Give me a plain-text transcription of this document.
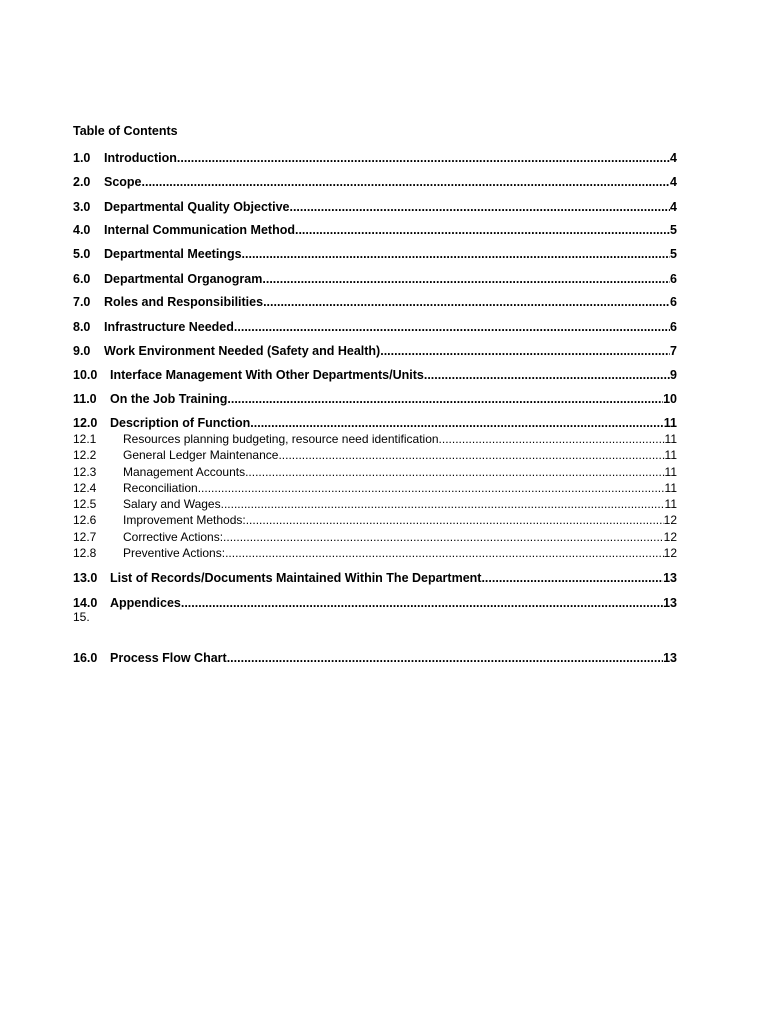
Table of Contents
1.0	Introduction .....	4
2.0	Scope .....	4
3.0	Departmental Quality Objective .....	4
4.0	Internal Communication Method .....	5
5.0	Departmental Meetings .....	5
6.0	Departmental Organogram .....	6
7.0	Roles and Responsibilities .....	6
8.0	Infrastructure Needed .....	6
9.0	Work Environment Needed (Safety and Health) .....	7
10.0	Interface Management With Other Departments/Units .....	9
11.0	On the Job Training .....	10
12.0	Description of Function .....	11
12.1	Resources planning budgeting, resource need identification .....	11
12.2	General Ledger Maintenance .....	11
12.3	Management Accounts .....	11
12.4	Reconciliation .....	11
12.5	Salary and Wages .....	11
12.6	Improvement Methods: .....	12
12.7	Corrective Actions: .....	12
12.8	Preventive Actions: .....	12
13.0	List of Records/Documents Maintained Within The Department .....	13
14.0	Appendices .....	13
15.
16.0	Process Flow Chart .....	13
